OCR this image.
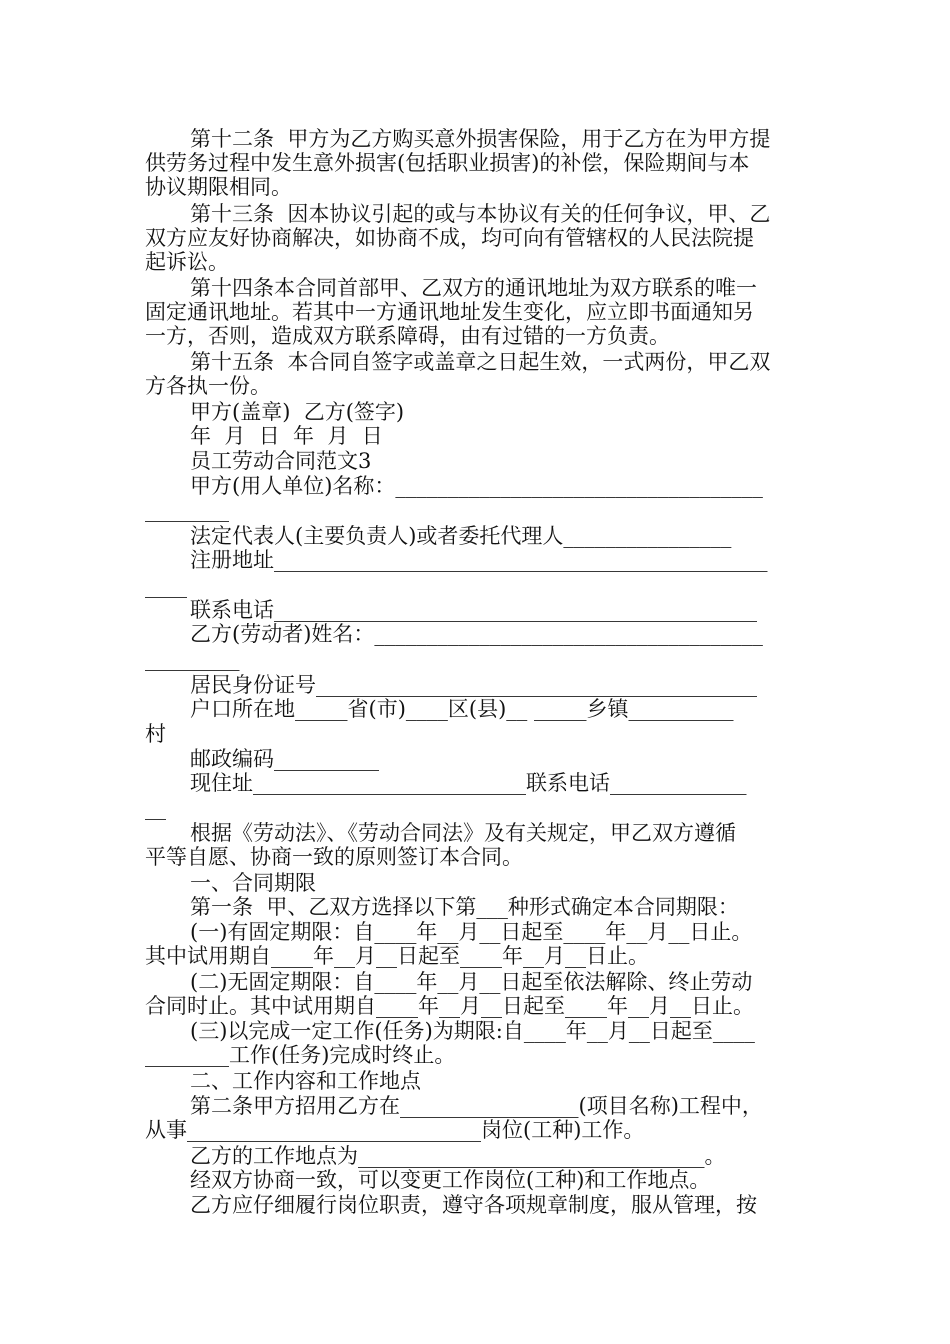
第十二条  甲方为乙方购买意外损害保险，用于乙方在为甲方提
供劳务过程中发生意外损害(包括职业损害)的补偿，保险期间与本
协议期限相同。
第十三条  因本协议引起的或与本协议有关的任何争议，甲、乙
双方应友好协商解决，如协商不成，均可向有管辖权的人民法院提
起诉讼。
第十四条本合同首部甲、乙双方的通讯地址为双方联系的唯一
固定通讯地址。若其中一方通讯地址发生变化，应立即书面通知另
一方，否则，造成双方联系障碍，由有过错的一方负责。
第十五条  本合同自签字或盖章之日起生效，一式两份，甲乙双
方各执一份。
甲方(盖章)  乙方(签字)
年  月  日  年  月  日
员工劳动合同范文3
甲方(用人单位)名称：___________________________________
________
法定代表人(主要负责人)或者委托代理人________________
注册地址_______________________________________________
____
联系电话______________________________________________
乙方(劳动者)姓名：_____________________________________
_________
居民身份证号__________________________________________
户口所在地_____省(市)____区(县)__ _____乡镇__________
村
邮政编码__________
现住址__________________________联系电话_____________
__
根据《劳动法》、《劳动合同法》及有关规定，甲乙双方遵循
平等自愿、协商一致的原则签订本合同。
一、合同期限
第一条  甲、乙双方选择以下第___种形式确定本合同期限：
(一)有固定期限：自____年__月__日起至____年__月__日止。
其中试用期自____年__月__日起至____年__月__日止。
(二)无固定期限：自____年__月__日起至依法解除、终止劳动
合同时止。其中试用期自____年__月__日起至____年__月__日止。
(三)以完成一定工作(任务)为期限:自____年__月__日起至____
________工作(任务)完成时终止。
二、工作内容和工作地点
第二条甲方招用乙方在_________________(项目名称)工程中，
从事____________________________岗位(工种)工作。
乙方的工作地点为_________________________________。
经双方协商一致，可以变更工作岗位(工种)和工作地点。
乙方应仔细履行岗位职责，遵守各项规章制度，服从管理，按
